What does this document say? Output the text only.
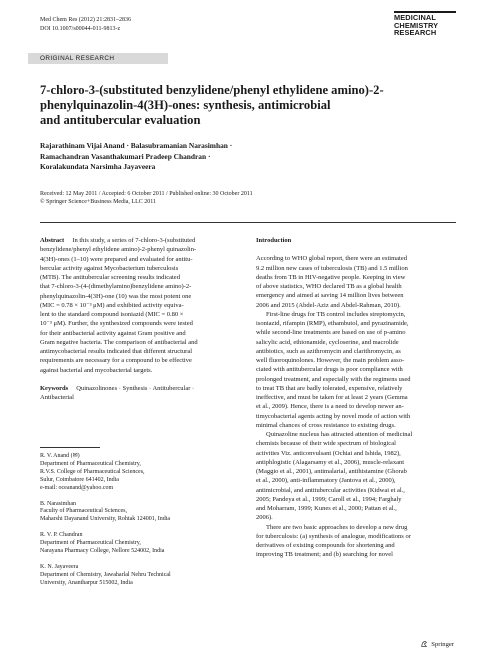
Med Chem Res (2012) 21:2831–2836
DOI 10.1007/s00044-011-9813-z
MEDICINAL
CHEMISTRY
RESEARCH
ORIGINAL RESEARCH
7-chloro-3-(substituted benzylidene/phenyl ethylidene amino)-2-
phenylquinazolin-4(3H)-ones: synthesis, antimicrobial
and antitubercular evaluation
Rajarathinam Vijai Anand · Balasubramanian Narasimhan ·
Ramachandran Vasanthakumari Pradeep Chandran ·
Koralakundata Narsimha Jayaveera
Received: 12 May 2011 / Accepted: 6 October 2011 / Published online: 30 October 2011
© Springer Science+Business Media, LLC 2011
Abstract   In this study, a series of 7-chloro-3-(substituted
benzylidene/phenyl ethylidene amino)-2-phenyl quinazolin-
4(3H)-ones (1–10) were prepared and evaluated for antitu-
bercular activity against Mycobacterium tuberculosis
(MTB). The antitubercular screening results indicated
that 7-chloro-3-(4-(dimethylamino)benzylidene amino)-2-
phenylquinazolin-4(3H)-one (10) was the most potent one
(MIC = 0.78 × 10⁻³ μM) and exhibited activity equiva-
lent to the standard compound isoniazid (MIC = 0.80 ×
10⁻³ μM). Further, the synthesized compounds were tested
for their antibacterial activity against Gram positive and
Gram negative bacteria. The comparison of antibacterial and
antimycobacterial results indicated that different structural
requirements are necessary for a compound to be effective
against bacterial and mycobacterial targets.
Keywords   Quinazolinones · Synthesis · Antitubercular ·
Antibacterial
R. V. Anand (✉)
Department of Pharmaceutical Chemistry,
R.V.S. College of Pharmaceutical Sciences,
Sulur, Coimbatore 641402, India
e-mail: oceanand@yahoo.com
B. Narasimhan
Faculty of Pharmaceutical Sciences,
Maharshi Dayanand University, Rohtak 124001, India
R. V. P. Chandran
Department of Pharmaceutical Chemistry,
Narayana Pharmacy College, Nellore 524002, India
K. N. Jayaveera
Department of Chemistry, Jawaharlal Nehru Technical
University, Anantharpur 515002, India
Introduction

According to WHO global report, there were an estimated
9.2 million new cases of tuberculosis (TB) and 1.5 million
deaths from TB in HIV-negative people. Keeping in view
of above statistics, WHO declared TB as a global health
emergency and aimed at saving 14 million lives between
2006 and 2015 (Abdel-Aziz and Abdel-Rahman, 2010).

First-line drugs for TB control includes streptomycin,
isoniazid, rifampin (RMP), ethambutol, and pyrazinamide,
while second-line treatments are based on use of p-amino
salicylic acid, ethionamide, cycloserine, and macrolide
antibiotics, such as azithromycin and clarithromycin, as
well fluoroquinolones. However, the main problem asso-
ciated with antitubercular drugs is poor compliance with
prolonged treatment, and especially with the regimens used
to treat TB that are badly tolerated, expensive, relatively
ineffective, and must be taken for at least 2 years (Gemma
et al., 2009). Hence, there is a need to develop newer an-
timycobacterial agents acting by novel mode of action with
minimal chances of cross resistance to existing drugs.

Quinazoline nucleus has attracted attention of medicinal
chemists because of their wide spectrum of biological
activities Viz. anticonvulsant (Ochiai and Ishida, 1982),
antiphlogistic (Alagarsamy et al., 2006), muscle-relaxant
(Maggio et al., 2001), antimalarial, antihistamine (Ghorab
et al., 2000), anti-inflammatory (Jantova et al., 2000),
antimicrobial, and antitubercular activities (Kidwai et al.,
2005; Pandeya et al., 1999; Caroll et al., 1994; Farghaly
and Moharram, 1999; Kunes et al., 2000; Pattan et al.,
2006).

There are two basic approaches to develop a new drug
for tuberculosis: (a) synthesis of analogue, modifications or
derivatives of existing compounds for shortening and
improving TB treatment; and (b) searching for novel

Springer
